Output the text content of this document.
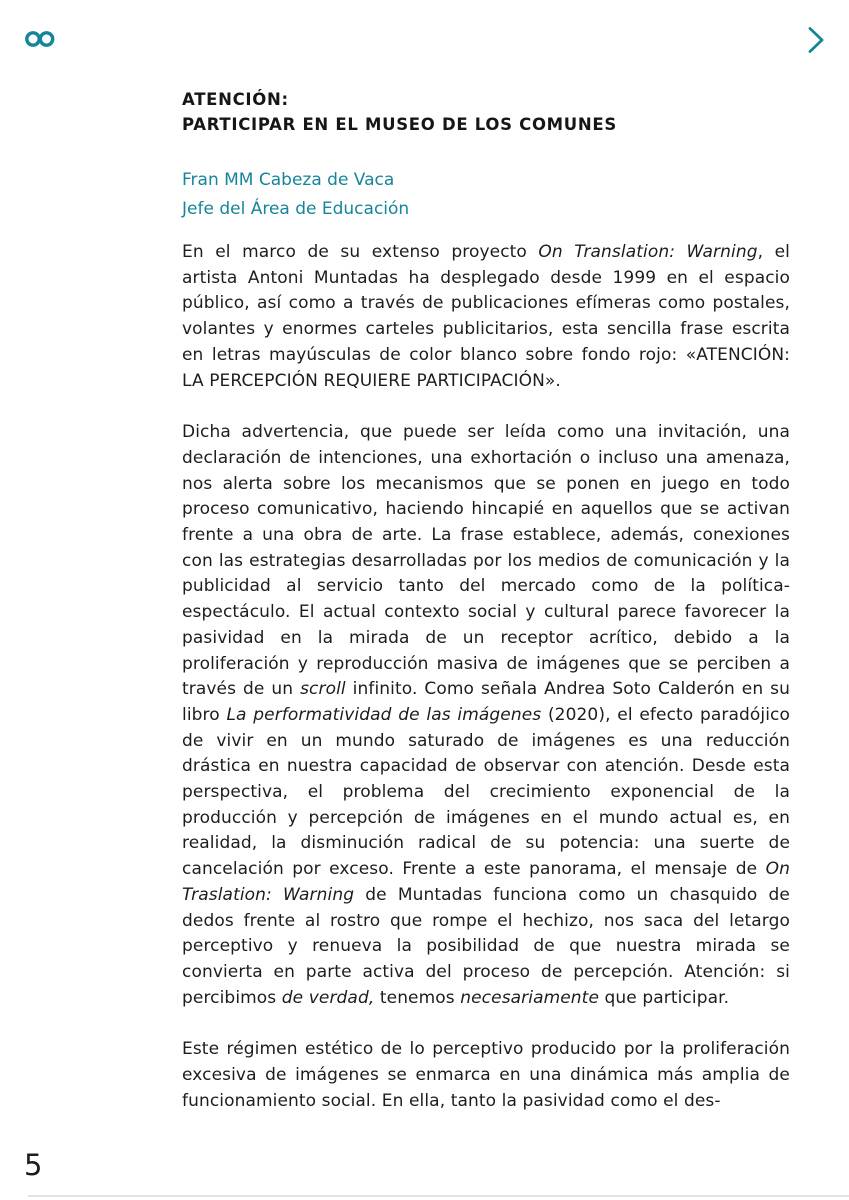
ATENCIÓN:
PARTICIPAR EN EL MUSEO DE LOS COMUNES
Fran MM Cabeza de Vaca
Jefe del Área de Educación

En el marco de su extenso proyecto On Translation: Warning, el artista Antoni Muntadas ha desplegado desde 1999 en el espacio público, así como a través de publicaciones efímeras como postales, volantes y enormes carteles publicitarios, esta sencilla frase escrita en letras mayúsculas de color blanco sobre fondo rojo: «ATENCIÓN: LA PERCEPCIÓN REQUIERE PARTICIPACIÓN».

Dicha advertencia, que puede ser leída como una invitación, una declaración de intenciones, una exhortación o incluso una amenaza, nos alerta sobre los mecanismos que se ponen en juego en todo proceso comunicativo, haciendo hincapié en aquellos que se activan frente a una obra de arte. La frase establece, además, conexiones con las estrategias desarrolladas por los medios de comunicación y la publicidad al servicio tanto del mercado como de la política-espectáculo. El actual contexto social y cultural parece favorecer la pasividad en la mirada de un receptor acrítico, debido a la proliferación y reproducción masiva de imágenes que se perciben a través de un scroll infinito. Como señala Andrea Soto Calderón en su libro La performatividad de las imágenes (2020), el efecto paradójico de vivir en un mundo saturado de imágenes es una reducción drástica en nuestra capacidad de observar con atención. Desde esta perspectiva, el problema del crecimiento exponencial de la producción y percepción de imágenes en el mundo actual es, en realidad, la disminución radical de su potencia: una suerte de cancelación por exceso. Frente a este panorama, el mensaje de On Traslation: Warning de Muntadas funciona como un chasquido de dedos frente al rostro que rompe el hechizo, nos saca del letargo perceptivo y renueva la posibilidad de que nuestra mirada se convierta en parte activa del proceso de percepción. Atención: si percibimos de verdad, tenemos necesariamente que participar.

Este régimen estético de lo perceptivo producido por la proliferación excesiva de imágenes se enmarca en una dinámica más amplia de funcionamiento social. En ella, tanto la pasividad como el des-

5
